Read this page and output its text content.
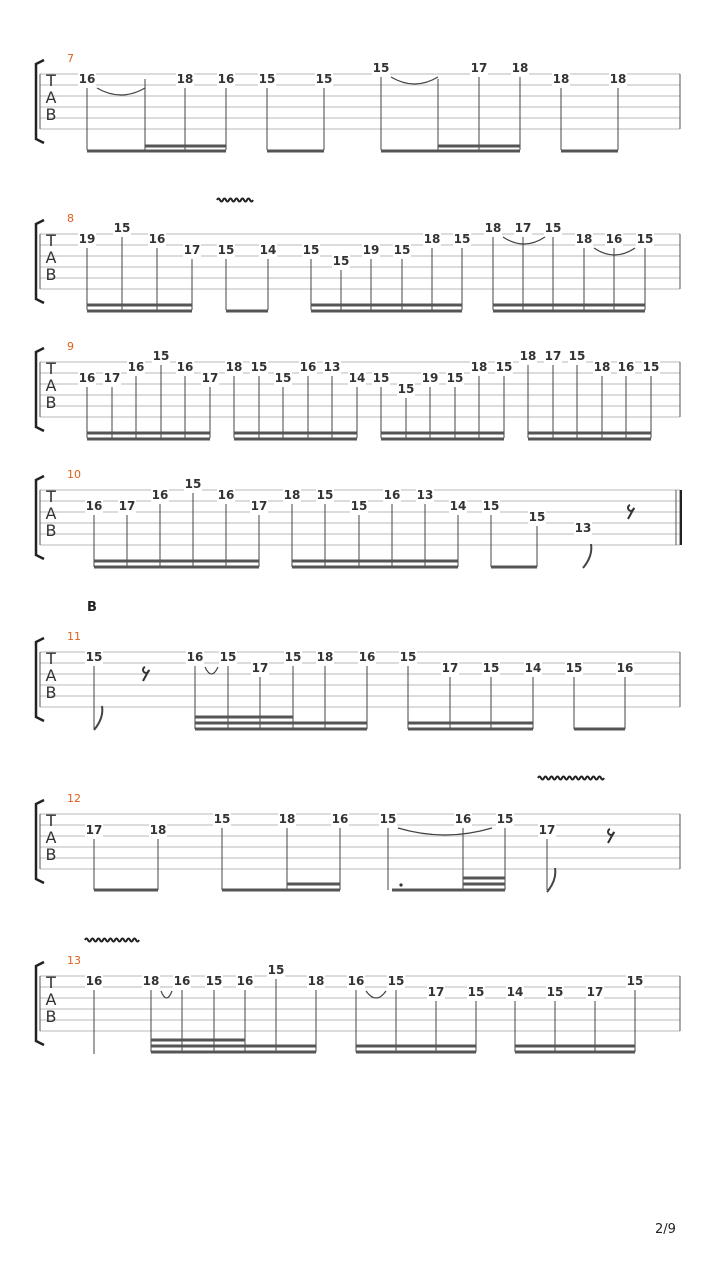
T
A
B
7
16	18 16 15	15
15	17 18
18	18
T
A
B
8
19
15
16
17 15 14 15
15
19 15
18 15
18 17 15
18 16 15
T
A
B
9
16 17
16
15
16
17
18 15
15
16 13
14 15
15
19 15
18 15
18 17 15
18 16 15
T
A
B
10
16 17
16
15
16
17
18 15
15
16 13
14 15
15
13
T
A
B
11
B
15	16 15
17
15 18 16 15
17 15 14 15	16
T
A
B
12
17	18
15	18	16	15	16 15
17
T
A
B
13
16	18 16 15 16
15
18 16 15
17 15 14 15 17
15
2/9
